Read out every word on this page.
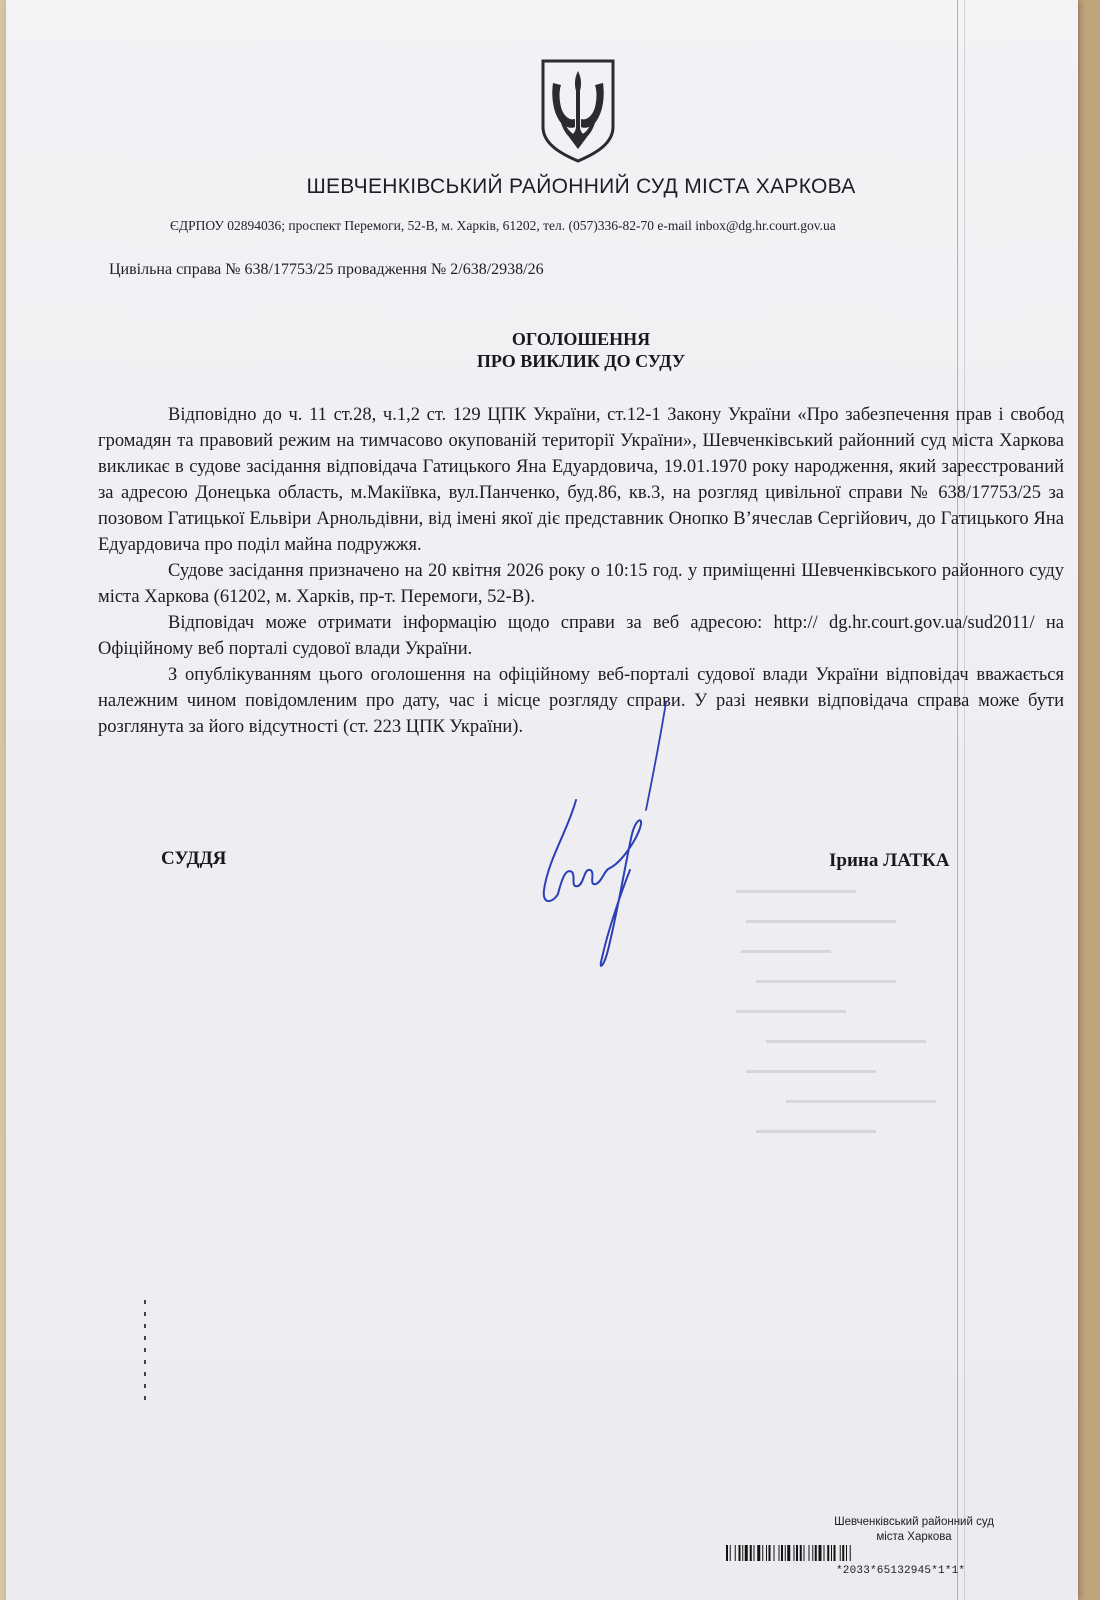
ШЕВЧЕНКІВСЬКИЙ РАЙОННИЙ СУД МІСТА ХАРКОВА
ЄДРПОУ 02894036; проспект Перемоги, 52-В, м. Харків, 61202, тел. (057)336-82-70 e-mail inbox@dg.hr.court.gov.ua
Цивільна справа № 638/17753/25 провадження № 2/638/2938/26
ОГОЛОШЕННЯ
ПРО ВИКЛИК ДО СУДУ

Відповідно до ч. 11 ст.28, ч.1,2 ст. 129 ЦПК України, ст.12-1 Закону України «Про забезпечення прав і свобод громадян та правовий режим на тимчасово окупованій території України», Шевченківський районний суд міста Харкова викликає в судове засідання відповідача Гатицького Яна Едуардовича, 19.01.1970 року народження, який зареєстрований за адресою Донецька область, м.Макіївка, вул.Панченко, буд.86, кв.3, на розгляд цивільної справи № 638/17753/25 за позовом Гатицької Ельвіри Арнольдівни, від імені якої діє представник Онопко В’ячеслав Сергійович, до Гатицького Яна Едуардовича про поділ майна подружжя.

Судове засідання призначено на 20 квітня 2026 року о 10:15 год. у приміщенні Шевченківського районного суду міста Харкова (61202, м. Харків, пр-т. Перемоги, 52-В).

Відповідач може отримати інформацію щодо справи за веб адресою: http:// dg.hr.court.gov.ua/sud2011/ на Офіційному веб порталі судової влади України.

З опублікуванням цього оголошення на офіційному веб-порталі судової влади України відповідач вважається належним чином повідомленим про дату, час і місце розгляду справи. У разі неявки відповідача справа може бути розглянута за його відсутності (ст. 223 ЦПК України).

СУДДЯ	Ірина ЛАТКА
Шевченківський районний суд
міста Харкова
*2033*65132945*1*1*
